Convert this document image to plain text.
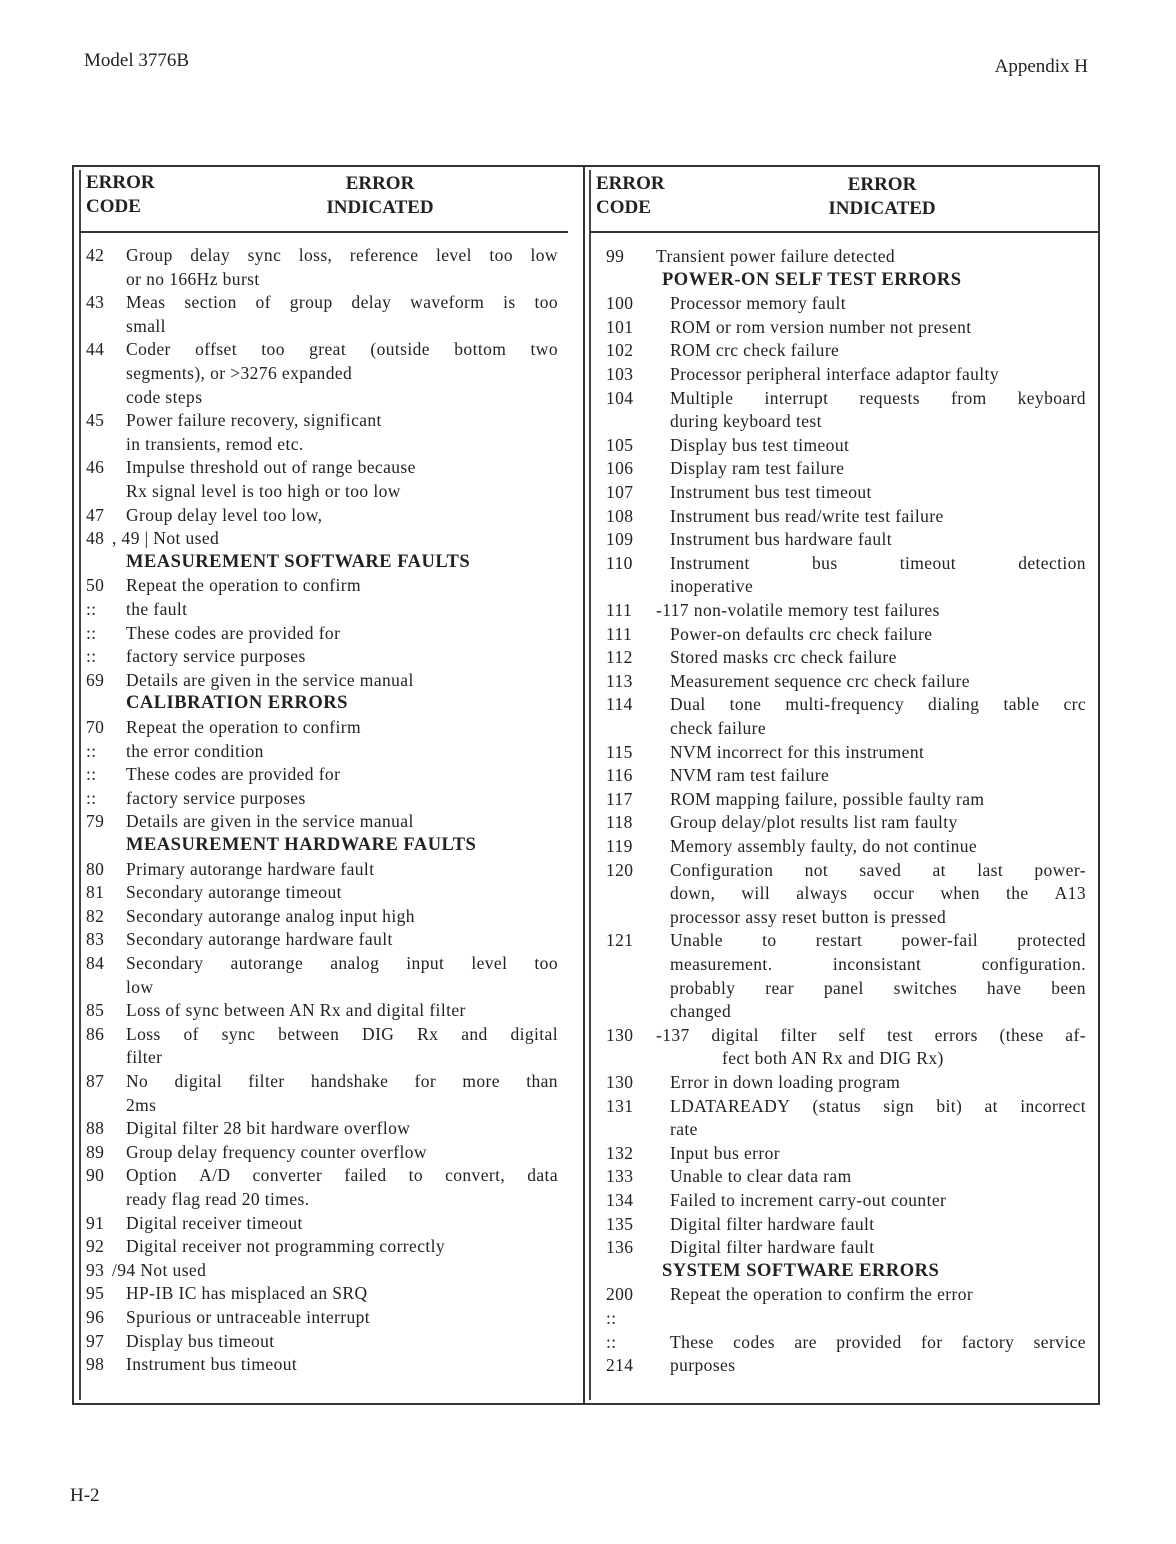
Model 3776B	Appendix H
ERROR
CODE
ERROR
INDICATED
ERROR
CODE
ERROR
INDICATED
42 Group delay sync loss, reference level too low
or no 166Hz burst
43 Meas section of group delay waveform is too
small
44 Coder offset too great (outside bottom two
segments), or >3276 expanded
code steps
45 Power failure recovery, significant
in transients, remod etc.
46 Impulse threshold out of range because
Rx signal level is too high or too low
47 Group delay level too low,
48 , 49 | Not used
MEASUREMENT SOFTWARE FAULTS
50 Repeat the operation to confirm
:: the fault
:: These codes are provided for
:: factory service purposes
69 Details are given in the service manual
CALIBRATION ERRORS
70 Repeat the operation to confirm
:: the error condition
:: These codes are provided for
:: factory service purposes
79 Details are given in the service manual
MEASUREMENT HARDWARE FAULTS
80 Primary autorange hardware fault
81 Secondary autorange timeout
82 Secondary autorange analog input high
83 Secondary autorange hardware fault
84 Secondary autorange analog input level too
low
85 Loss of sync between AN Rx and digital filter
86 Loss of sync between DIG Rx and digital
filter
87 No digital filter handshake for more than
2ms
88 Digital filter 28 bit hardware overflow
89 Group delay frequency counter overflow
90 Option A/D converter failed to convert, data
ready flag read 20 times.
91 Digital receiver timeout
92 Digital receiver not programming correctly
93 /94 Not used
95 HP-IB IC has misplaced an SRQ
96 Spurious or untraceable interrupt
97 Display bus timeout
98 Instrument bus timeout
99 Transient power failure detected
POWER-ON SELF TEST ERRORS
100 Processor memory fault
101 ROM or rom version number not present
102 ROM crc check failure
103 Processor peripheral interface adaptor faulty
104 Multiple interrupt requests from keyboard
during keyboard test
105 Display bus test timeout
106 Display ram test failure
107 Instrument bus test timeout
108 Instrument bus read/write test failure
109 Instrument bus hardware fault
110 Instrument	bus	timeout	detection
inoperative
111 -117 non-volatile memory test failures
111 Power-on defaults crc check failure
112 Stored masks crc check failure
113 Measurement sequence crc check failure
114 Dual tone multi-frequency dialing table crc
check failure
115 NVM incorrect for this instrument
116 NVM ram test failure
117 ROM mapping failure, possible faulty ram
118 Group delay/plot results list ram faulty
119 Memory assembly faulty, do not continue
120 Configuration not saved at last power-
down, will always occur when the A13
processor assy reset button is pressed
121 Unable to restart power-fail protected
measurement.	inconsistant	configuration.
probably rear panel switches have been
changed
130 -137 digital filter self test errors (these af-
fect both AN Rx and DIG Rx)
130 Error in down loading program
131 LDATAREADY (status sign bit) at incorrect
rate
132 Input bus error
133 Unable to clear data ram
134 Failed to increment carry-out counter
135 Digital filter hardware fault
136 Digital filter hardware fault
SYSTEM SOFTWARE ERRORS
200 Repeat the operation to confirm the error
::
::	These codes are provided for factory service
214 purposes
H-2
